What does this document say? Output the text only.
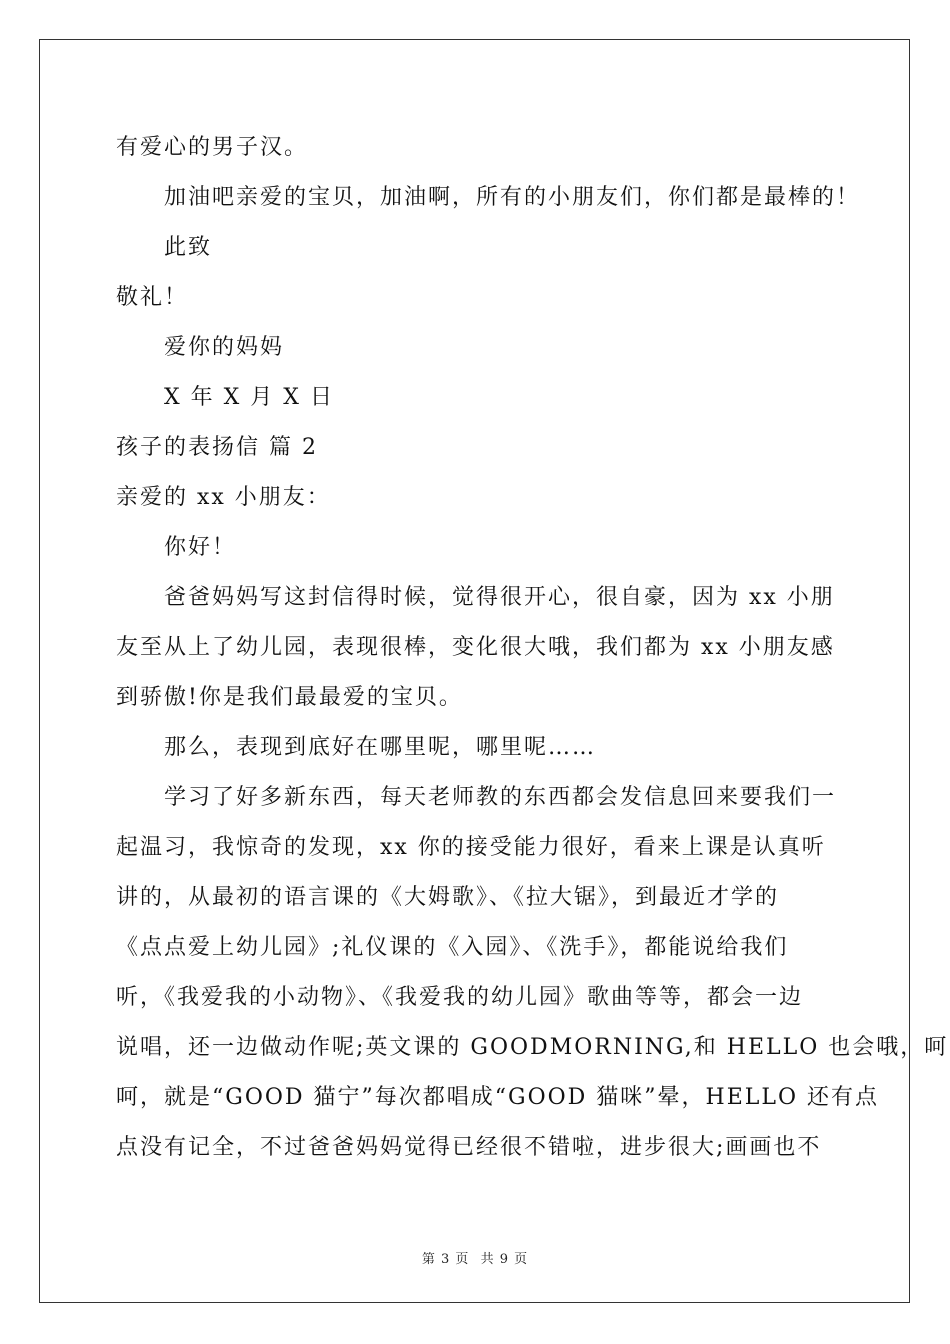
有爱心的男子汉。
加油吧亲爱的宝贝，加油啊，所有的小朋友们，你们都是最棒的！
此致
敬礼！
爱你的妈妈
X 年 X 月 X 日
孩子的表扬信 篇 2
亲爱的 xx 小朋友：
你好！
爸爸妈妈写这封信得时候，觉得很开心，很自豪，因为 xx 小朋
友至从上了幼儿园，表现很棒，变化很大哦，我们都为 xx 小朋友感
到骄傲!你是我们最最爱的宝贝。
那么，表现到底好在哪里呢，哪里呢……
学习了好多新东西，每天老师教的东西都会发信息回来要我们一
起温习，我惊奇的发现，xx 你的接受能力很好，看来上课是认真听
讲的，从最初的语言课的《大姆歌》、《拉大锯》，到最近才学的
《点点爱上幼儿园》;礼仪课的《入园》、《洗手》，都能说给我们
听，《我爱我的小动物》、《我爱我的幼儿园》歌曲等等，都会一边
说唱，还一边做动作呢;英文课的 GOODMORNING,和 HELLO 也会哦，呵
呵，就是“GOOD 猫宁”每次都唱成“GOOD 猫咪”晕，HELLO 还有点
点没有记全，不过爸爸妈妈觉得已经很不错啦，进步很大;画画也不
第 3 页 共 9 页
